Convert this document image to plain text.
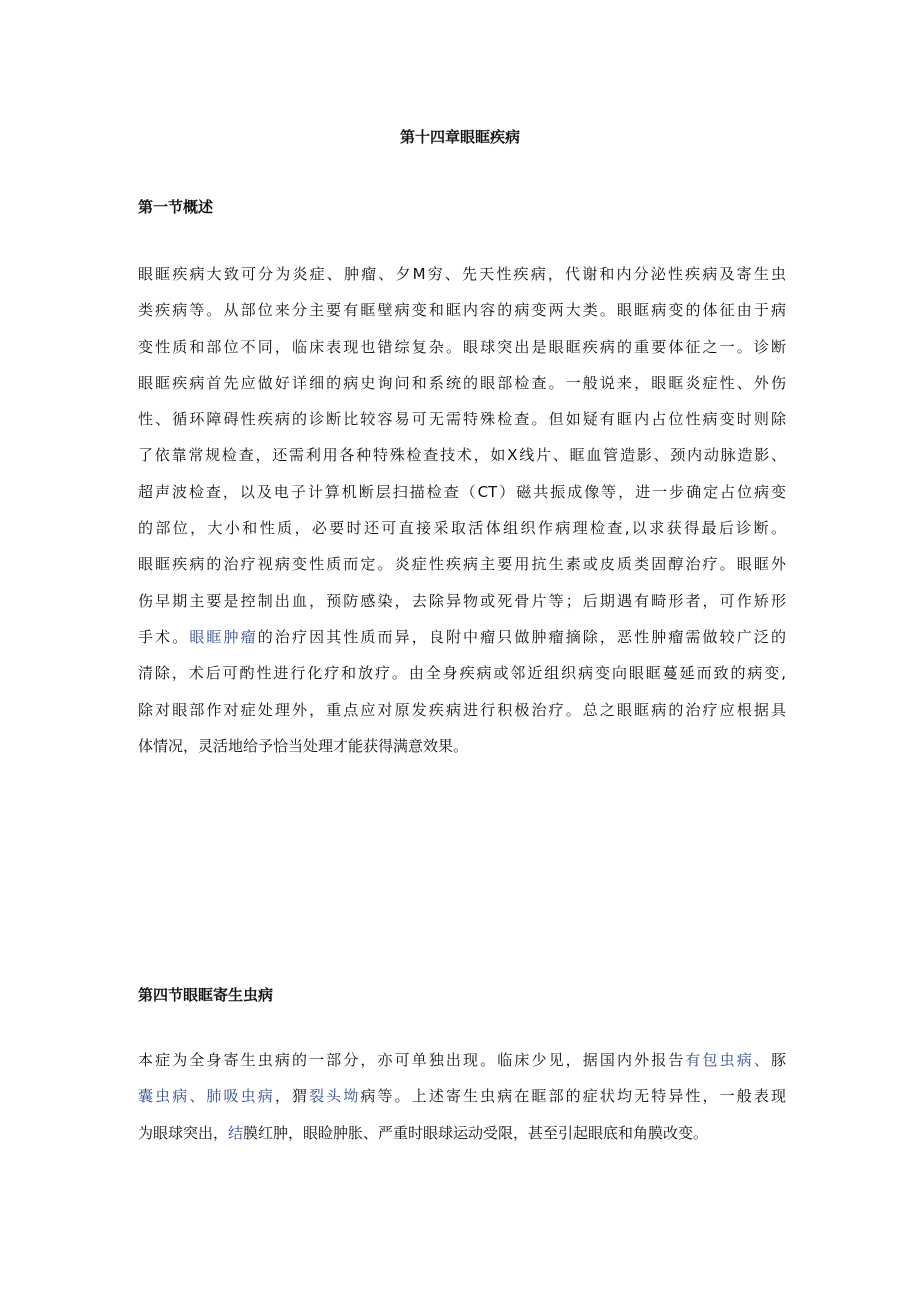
第十四章眼眶疾病
第一节概述
眼眶疾病大致可分为炎症、肿瘤、夕M穷、先天性疾病，代谢和内分泌性疾病及寄生虫
类疾病等。从部位来分主要有眶壁病变和眶内容的病变两大类。眼眶病变的体征由于病
变性质和部位不同，临床表现也错综复杂。眼球突出是眼眶疾病的重要体征之一。诊断
眼眶疾病首先应做好详细的病史询问和系统的眼部检查。一般说来，眼眶炎症性、外伤
性、循环障碍性疾病的诊断比较容易可无需特殊检查。但如疑有眶内占位性病变时则除
了依靠常规检查，还需利用各种特殊检查技术，如X线片、眶血管造影、颈内动脉造影、
超声波检查，以及电子计算机断层扫描检查（CT）磁共振成像等，进一步确定占位病变
的部位，大小和性质，必要时还可直接采取活体组织作病理检查,以求获得最后诊断。
眼眶疾病的治疗视病变性质而定。炎症性疾病主要用抗生素或皮质类固醇治疗。眼眶外
伤早期主要是控制出血，预防感染，去除异物或死骨片等；后期遇有畸形者，可作矫形
手术。眼眶肿瘤的治疗因其性质而异，良附中瘤只做肿瘤摘除，恶性肿瘤需做较广泛的
清除，术后可酌性进行化疗和放疗。由全身疾病或邻近组织病变向眼眶蔓延而致的病变,
除对眼部作对症处理外，重点应对原发疾病进行积极治疗。总之眼眶病的治疗应根据具
体情况，灵活地给予恰当处理才能获得满意效果。
第四节眼眶寄生虫病
本症为全身寄生虫病的一部分，亦可单独出现。临床少见，据国内外报告有包虫病、豚
囊虫病、肺吸虫病，猬裂头坳病等。上述寄生虫病在眶部的症状均无特异性，一般表现
为眼球突出，结膜红肿，眼睑肿胀、严重时眼球运动受限，甚至引起眼底和角膜改变。
